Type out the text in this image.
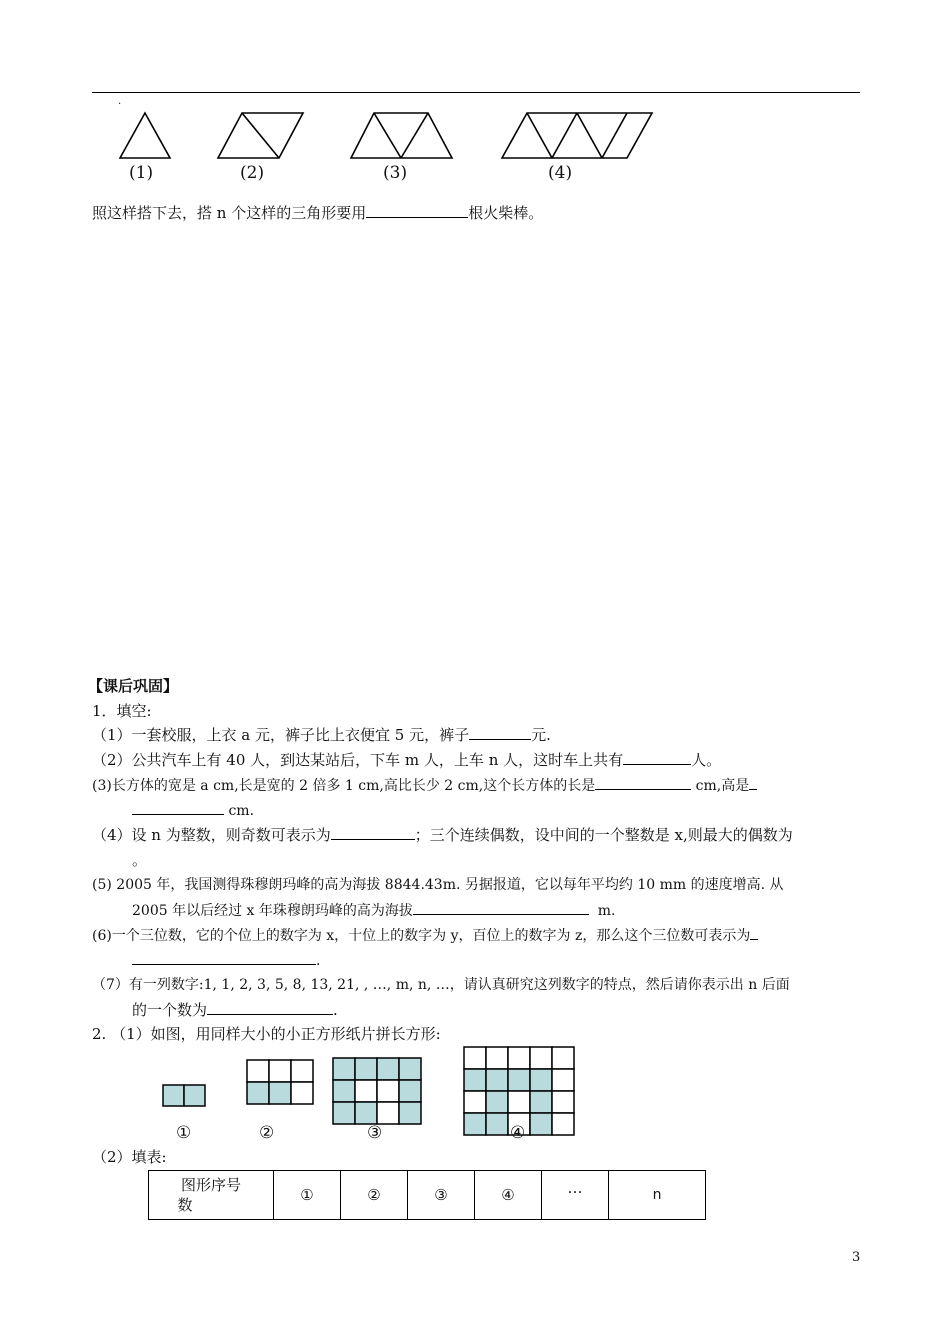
.
(1)	(2)	(3)	(4)
照这样搭下去，搭 n 个这样的三角形要用	根火柴棒。
【课后巩固】
1．填空:
（1）一套校服，上衣 a 元，裤子比上衣便宜 5 元，裤子	元.
（2）公共汽车上有 40 人，到达某站后，下车 m 人，上车 n 人，这时车上共有	人。
(3)长方体的宽是 a cm,长是宽的 2 倍多 1 cm,高比长少 2 cm,这个长方体的长是	cm,高是
cm.
（4）设 n 为整数，则奇数可表示为	；三个连续偶数，设中间的一个整数是 x,则最大的偶数为
。
(5) 2005 年，我国测得珠穆朗玛峰的高为海拔 8844.43m. 另据报道，它以每年平均约 10 mm 的速度增高. 从
2005 年以后经过 x 年珠穆朗玛峰的高为海拔	m.
(6)一个三位数，它的个位上的数字为 x，十位上的数字为 y，百位上的数字为 z，那么这个三位数可表示为
.
（7）有一列数字:1, 1, 2, 3, 5, 8, 13, 21, , …, m, n, …，请认真研究这列数字的特点，然后请你表示出 n 后面
的一个数为	.
2. （1）如图，用同样大小的小正方形纸片拼长方形:
①	②	③	④
（2）填表:
图形序号
数
	①	②	③	④	…	n
3
